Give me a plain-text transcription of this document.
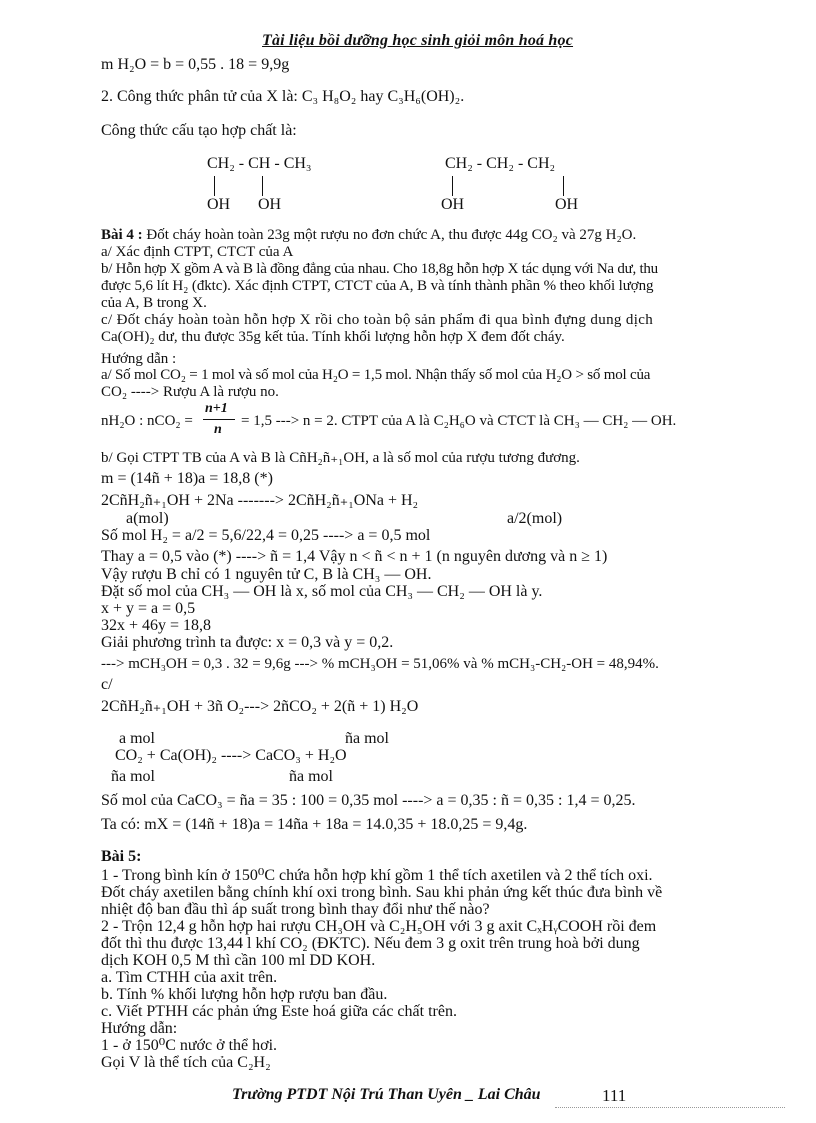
Tài liệu bồi dưỡng học sinh giỏi môn hoá học
m H₂O = b = 0,55 . 18 = 9,9g
2. Công thức phân tử của X là: C₃ H₈O₂ hay C₃H₆(OH)₂.
Công thức cấu tạo hợp chất là:
CH₂ - CH - CH₃	CH₂ - CH₂ - CH₂
OH OH	OH	OH
Bài 4 : Đốt cháy hoàn toàn 23g một rượu no đơn chức A, thu được 44g CO₂ và 27g H₂O.
a/ Xác định CTPT, CTCT của A
b/ Hỗn hợp X gồm A và B là đồng đẳng của nhau. Cho 18,8g hỗn hợp X tác dụng với Na dư, thu
được 5,6 lít H₂ (đktc). Xác định CTPT, CTCT của A, B và tính thành phần % theo khối lượng
của A, B trong X.
c/ Đốt cháy hoàn toàn hỗn hợp X rồi cho toàn bộ sản phẩm đi qua bình đựng dung dịch
Ca(OH)₂ dư, thu được 35g kết tủa. Tính khối lượng hỗn hợp X đem đốt cháy.
Hướng dẫn :
a/ Số mol CO₂ = 1 mol và số mol của H₂O = 1,5 mol. Nhận thấy số mol của H₂O > số mol của
CO₂ ----> Rượu A là rượu no.
nH₂O : nCO₂ =
n+1
n
= 1,5 ---> n = 2. CTPT của A là C₂H₆O và CTCT là CH₃ — CH₂ — OH.
b/ Gọi CTPT TB của A và B là CñH₂ñ₊₁OH, a là số mol của rượu tương đương.
m = (14ñ + 18)a = 18,8 (*)
2CñH₂ñ₊₁OH + 2Na -------> 2CñH₂ñ₊₁ONa + H₂
a(mol)	a/2(mol)
Số mol H₂ = a/2 = 5,6/22,4 = 0,25 ----> a = 0,5 mol
Thay a = 0,5 vào (*) ----> ñ = 1,4 Vậy n < ñ < n + 1 (n nguyên dương và n ≥ 1)
Vậy rượu B chỉ có 1 nguyên tử C, B là CH₃ — OH.
Đặt số mol của CH₃ — OH là x, số mol của CH₃ — CH₂ — OH là y.
x + y = a = 0,5
32x + 46y = 18,8
Giải phương trình ta được: x = 0,3 và y = 0,2.
---> mCH₃OH = 0,3 . 32 = 9,6g ---> % mCH₃OH = 51,06% và % mCH₃-CH₂-OH = 48,94%.
c/
2CñH₂ñ₊₁OH + 3ñ O₂---> 2ñCO₂ + 2(ñ + 1) H₂O
a mol	ña mol
CO₂ + Ca(OH)₂ ----> CaCO₃ + H₂O
ña mol	ña mol
Số mol của CaCO₃ = ña = 35 : 100 = 0,35 mol ----> a = 0,35 : ñ = 0,35 : 1,4 = 0,25.
Ta có: mX = (14ñ + 18)a = 14ña + 18a = 14.0,35 + 18.0,25 = 9,4g.
Bài 5:
1 - Trong bình kín ở 150⁰C chứa hỗn hợp khí gồm 1 thể tích axetilen và 2 thể tích oxi.
Đốt cháy axetilen bằng chính khí oxi trong bình. Sau khi phản ứng kết thúc đưa bình về
nhiệt độ ban đầu thì áp suất trong bình thay đổi như thế nào?
2 - Trộn 12,4 g hỗn hợp hai rượu CH₃OH và C₂H₅OH với 3 g axit CₓHᵧCOOH rồi đem
đốt thì thu được 13,44 l khí CO₂ (ĐKTC). Nếu đem 3 g oxit trên trung hoà bởi dung
dịch KOH 0,5 M thì cần 100 ml DD KOH.
a. Tìm CTHH của axit trên.
b. Tính % khối lượng hỗn hợp rượu ban đầu.
c. Viết PTHH các phản ứng Este hoá giữa các chất trên.
Hướng dẫn:
1 - ở 150⁰C nước ở thể hơi.
Gọi V là thể tích của C₂H₂
Trường PTDT Nội Trú Than Uyên _ Lai Châu	111
